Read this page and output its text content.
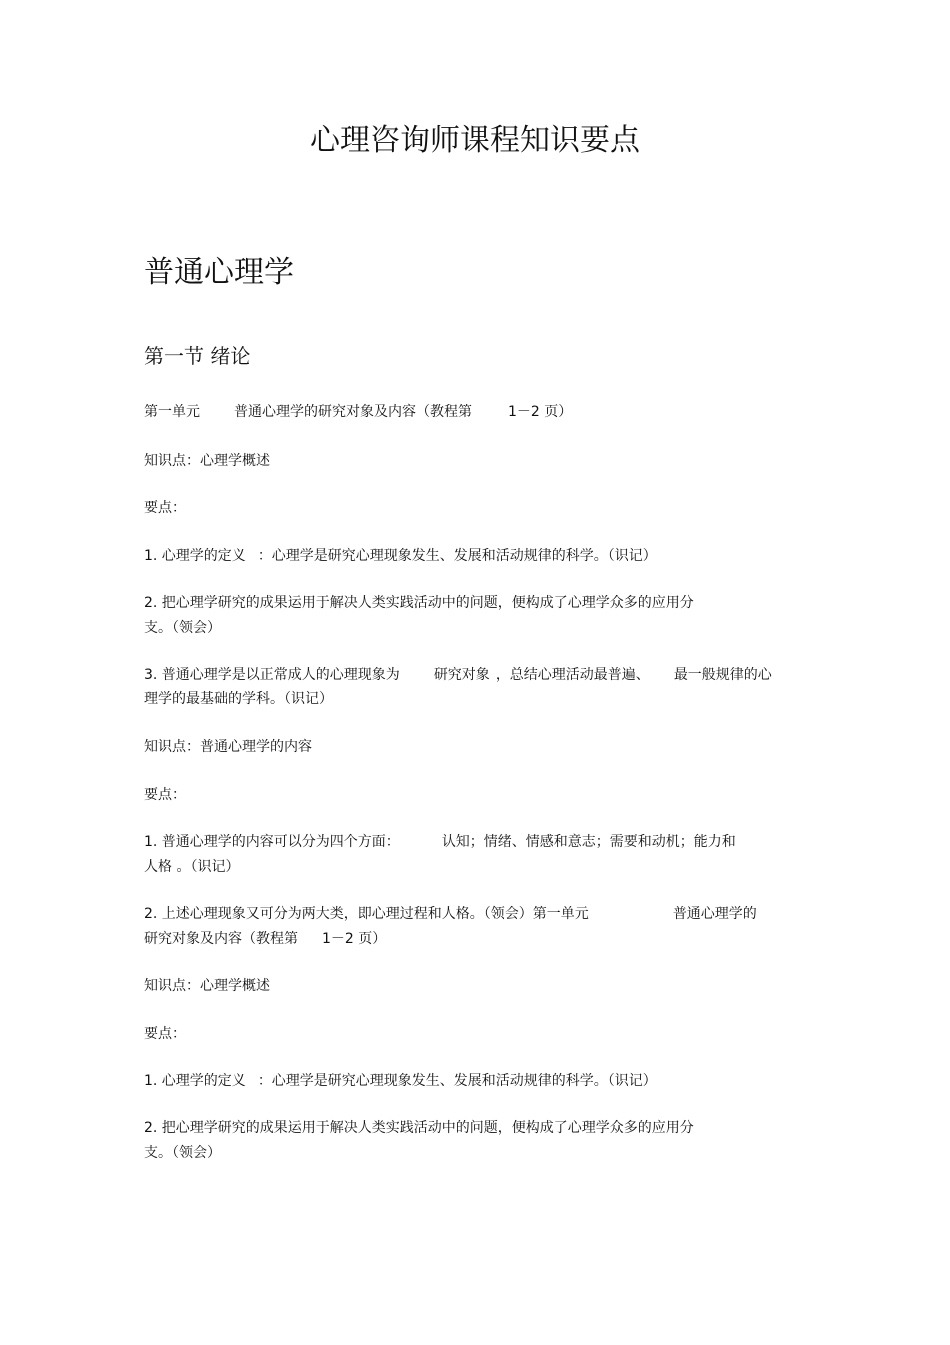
心理咨询师课程知识要点
普通心理学
第一节 绪论
第一单元 普通心理学的研究对象及内容（教程第	1－2 页）
知识点：心理学概述
要点：
1. 心理学的定义 ：心理学是研究心理现象发生、发展和活动规律的科学。（识记）
2. 把心理学研究的成果运用于解决人类实践活动中的问题，便构成了心理学众多的应用分
支。（领会）
3. 普通心理学是以正常成人的心理现象为 研究对象 ，总结心理活动最普遍、 最一般规律的心
理学的最基础的学科。（识记）
知识点：普通心理学的内容
要点：
1. 普通心理学的内容可以分为四个方面：	认知；情绪、情感和意志；需要和动机；能力和
人格 。（识记）
2. 上述心理现象又可分为两大类，即心理过程和人格。（领会）第一单元	普通心理学的
研究对象及内容（教程第 1－2 页）
知识点：心理学概述
要点：
1. 心理学的定义 ：心理学是研究心理现象发生、发展和活动规律的科学。（识记）
2. 把心理学研究的成果运用于解决人类实践活动中的问题，便构成了心理学众多的应用分
支。（领会）
